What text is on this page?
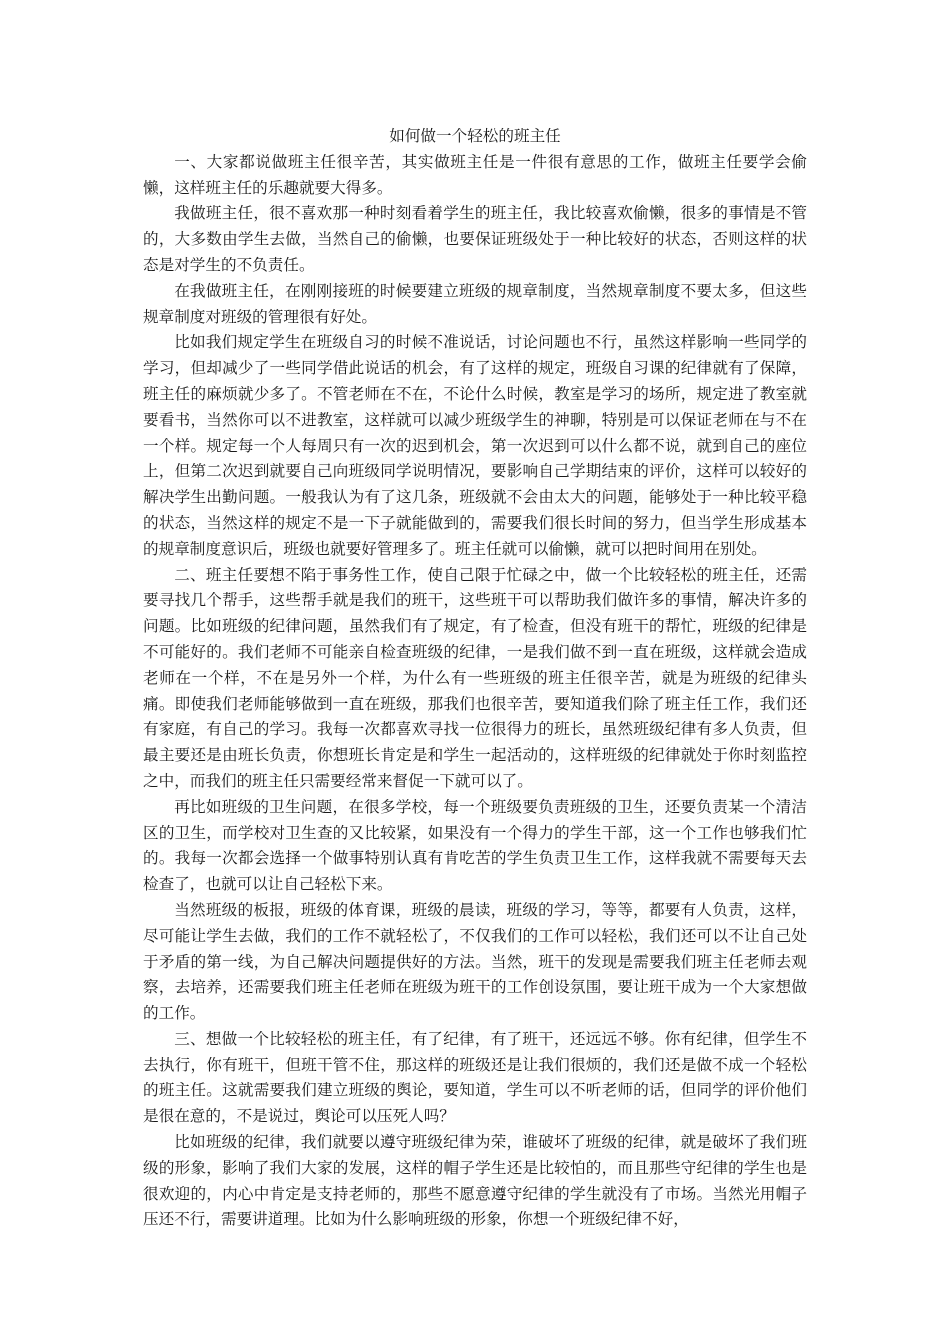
如何做一个轻松的班主任

一、大家都说做班主任很辛苦，其实做班主任是一件很有意思的工作，做班主任要学会偷懒，这样班主任的乐趣就要大得多。

我做班主任，很不喜欢那一种时刻看着学生的班主任，我比较喜欢偷懒，很多的事情是不管的，大多数由学生去做，当然自己的偷懒，也要保证班级处于一种比较好的状态，否则这样的状态是对学生的不负责任。

在我做班主任，在刚刚接班的时候要建立班级的规章制度，当然规章制度不要太多，但这些规章制度对班级的管理很有好处。

比如我们规定学生在班级自习的时候不准说话，讨论问题也不行，虽然这样影响一些同学的学习，但却减少了一些同学借此说话的机会，有了这样的规定，班级自习课的纪律就有了保障，班主任的麻烦就少多了。不管老师在不在，不论什么时候，教室是学习的场所，规定进了教室就要看书，当然你可以不进教室，这样就可以减少班级学生的神聊，特别是可以保证老师在与不在一个样。规定每一个人每周只有一次的迟到机会，第一次迟到可以什么都不说，就到自己的座位上，但第二次迟到就要自己向班级同学说明情况，要影响自己学期结束的评价，这样可以较好的解决学生出勤问题。一般我认为有了这几条，班级就不会由太大的问题，能够处于一种比较平稳的状态，当然这样的规定不是一下子就能做到的，需要我们很长时间的努力，但当学生形成基本的规章制度意识后，班级也就要好管理多了。班主任就可以偷懒，就可以把时间用在别处。

二、班主任要想不陷于事务性工作，使自己限于忙碌之中，做一个比较轻松的班主任，还需要寻找几个帮手，这些帮手就是我们的班干，这些班干可以帮助我们做许多的事情，解决许多的问题。比如班级的纪律问题，虽然我们有了规定，有了检查，但没有班干的帮忙，班级的纪律是不可能好的。我们老师不可能亲自检查班级的纪律，一是我们做不到一直在班级，这样就会造成老师在一个样，不在是另外一个样，为什么有一些班级的班主任很辛苦，就是为班级的纪律头痛。即使我们老师能够做到一直在班级，那我们也很辛苦，要知道我们除了班主任工作，我们还有家庭，有自己的学习。我每一次都喜欢寻找一位很得力的班长，虽然班级纪律有多人负责，但最主要还是由班长负责，你想班长肯定是和学生一起活动的，这样班级的纪律就处于你时刻监控之中，而我们的班主任只需要经常来督促一下就可以了。

再比如班级的卫生问题，在很多学校，每一个班级要负责班级的卫生，还要负责某一个清洁区的卫生，而学校对卫生查的又比较紧，如果没有一个得力的学生干部，这一个工作也够我们忙的。我每一次都会选择一个做事特别认真有肯吃苦的学生负责卫生工作，这样我就不需要每天去检查了，也就可以让自己轻松下来。

当然班级的板报，班级的体育课，班级的晨读，班级的学习，等等，都要有人负责，这样，尽可能让学生去做，我们的工作不就轻松了，不仅我们的工作可以轻松，我们还可以不让自己处于矛盾的第一线，为自己解决问题提供好的方法。当然，班干的发现是需要我们班主任老师去观察，去培养，还需要我们班主任老师在班级为班干的工作创设氛围，要让班干成为一个大家想做的工作。

三、想做一个比较轻松的班主任，有了纪律，有了班干，还远远不够。你有纪律，但学生不去执行，你有班干，但班干管不住，那这样的班级还是让我们很烦的，我们还是做不成一个轻松的班主任。这就需要我们建立班级的舆论，要知道，学生可以不听老师的话，但同学的评价他们是很在意的，不是说过，舆论可以压死人吗？

比如班级的纪律，我们就要以遵守班级纪律为荣，谁破坏了班级的纪律，就是破坏了我们班级的形象，影响了我们大家的发展，这样的帽子学生还是比较怕的，而且那些守纪律的学生也是很欢迎的，内心中肯定是支持老师的，那些不愿意遵守纪律的学生就没有了市场。当然光用帽子压还不行，需要讲道理。比如为什么影响班级的形象，你想一个班级纪律不好，
